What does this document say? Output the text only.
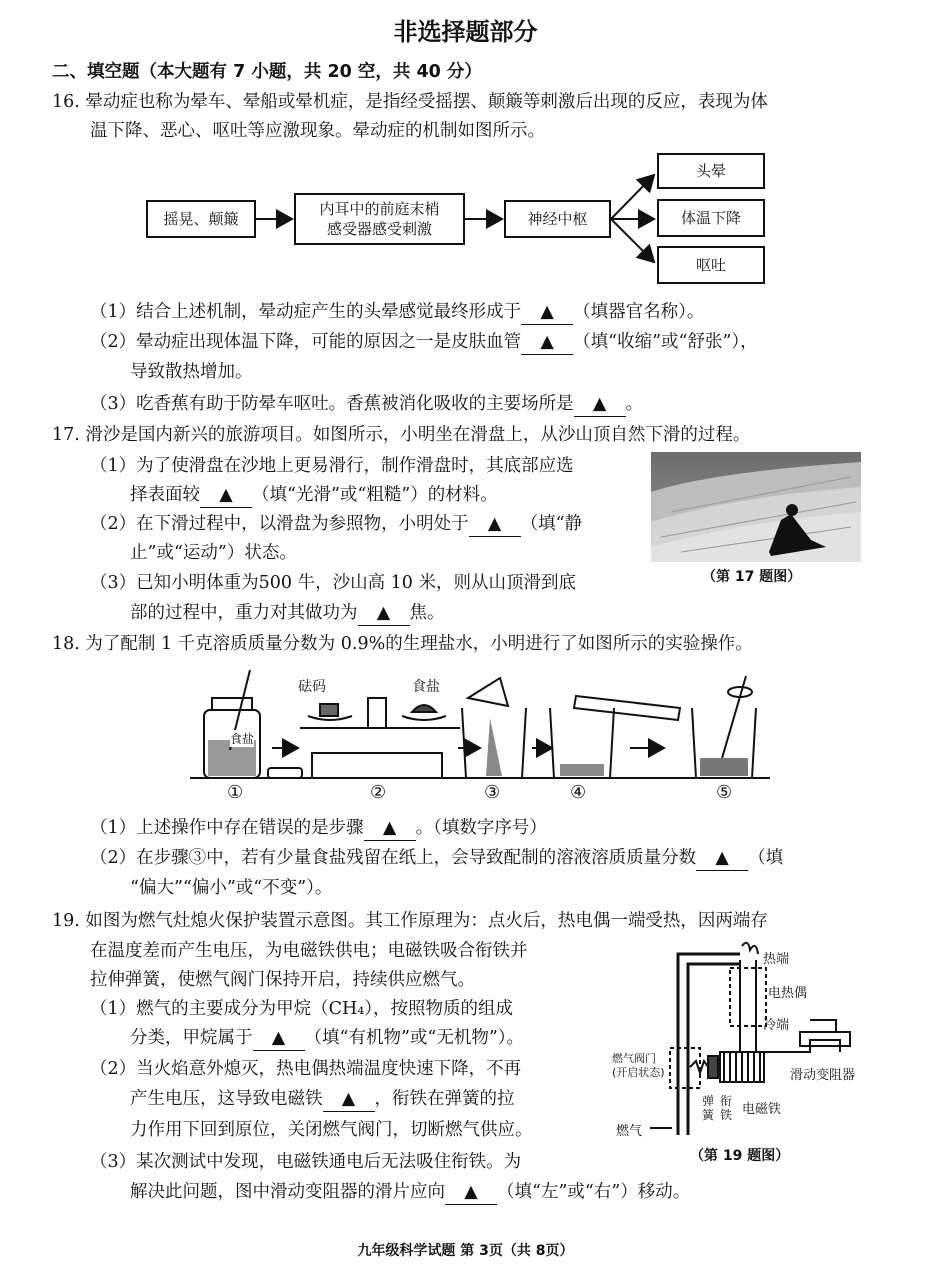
非选择题部分
二、填空题（本大题有 7 小题，共 20 空，共 40 分）
16. 晕动症也称为晕车、晕船或晕机症，是指经受摇摆、颠簸等刺激后出现的反应，表现为体
温下降、恶心、呕吐等应激现象。晕动症的机制如图所示。
摇晃、颠簸
内耳中的前庭末梢
感受器感受刺激
神经中枢
头晕
体温下降
呕吐
（1）结合上述机制，晕动症产生的头晕感觉最终形成于 ▲ （填器官名称）。
（2）晕动症出现体温下降，可能的原因之一是皮肤血管 ▲ （填“收缩”或“舒张”），
导致散热增加。
（3）吃香蕉有助于防晕车呕吐。香蕉被消化吸收的主要场所是 ▲ 。
17. 滑沙是国内新兴的旅游项目。如图所示，小明坐在滑盘上，从沙山顶自然下滑的过程。
（1）为了使滑盘在沙地上更易滑行，制作滑盘时，其底部应选
择表面较 ▲ （填“光滑”或“粗糙”）的材料。
（2）在下滑过程中，以滑盘为参照物，小明处于 ▲ （填“静
止”或“运动”）状态。
（3）已知小明体重为500 牛，沙山高 10 米，则从山顶滑到底
部的过程中，重力对其做功为 ▲ 焦。
（第 17 题图）
18. 为了配制 1 千克溶质质量分数为 0.9%的生理盐水，小明进行了如图所示的实验操作。
砝码	食盐
食盐
①	②	③	④	⑤
（1）上述操作中存在错误的是步骤 ▲ 。（填数字序号）
（2）在步骤③中，若有少量食盐残留在纸上，会导致配制的溶液溶质质量分数 ▲ （填
“偏大”“偏小”或“不变”）。
19. 如图为燃气灶熄火保护装置示意图。其工作原理为：点火后，热电偶一端受热，因两端存
在温度差而产生电压，为电磁铁供电；电磁铁吸合衔铁并
拉伸弹簧，使燃气阀门保持开启，持续供应燃气。
（1）燃气的主要成分为甲烷（CH₄），按照物质的组成
分类，甲烷属于 ▲ （填“有机物”或“无机物”）。
（2）当火焰意外熄灭，热电偶热端温度快速下降，不再
产生电压，这导致电磁铁 ▲ ，衔铁在弹簧的拉
力作用下回到原位，关闭燃气阀门，切断燃气供应。
（3）某次测试中发现，电磁铁通电后无法吸住衔铁。为
解决此问题，图中滑动变阻器的滑片应向 ▲ （填“左”或“右”）移动。
热端
电热偶
冷端
燃气阀门
(开启状态)	滑动变阻器
弹簧
衔铁 电磁铁
燃气
（第 19 题图）
九年级科学试题 第 3页（共 8页）
